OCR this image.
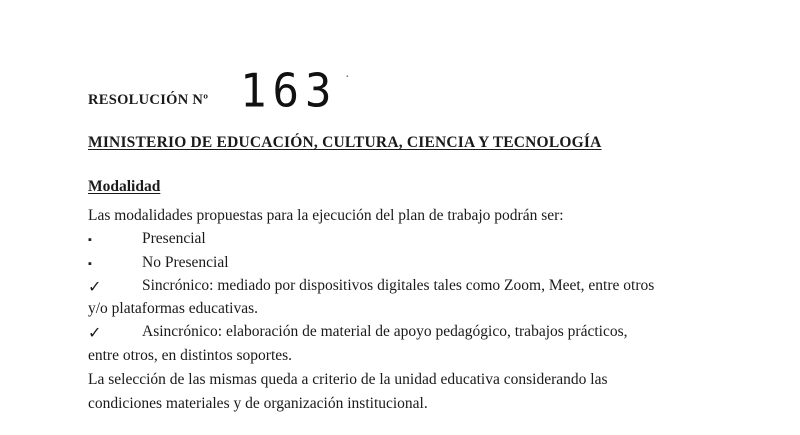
RESOLUCIÓN Nº 163 ·
MINISTERIO DE EDUCACIÓN, CULTURA, CIENCIA Y TECNOLOGÍA
Modalidad
Las modalidades propuestas para la ejecución del plan de trabajo podrán ser:
▪	Presencial
▪	No Presencial
✓	Sincrónico: mediado por dispositivos digitales tales como Zoom, Meet, entre otros
y/o plataformas educativas.
✓	Asincrónico: elaboración de material de apoyo pedagógico, trabajos prácticos,
entre otros, en distintos soportes.
La selección de las mismas queda a criterio de la unidad educativa considerando las
condiciones materiales y de organización institucional.
